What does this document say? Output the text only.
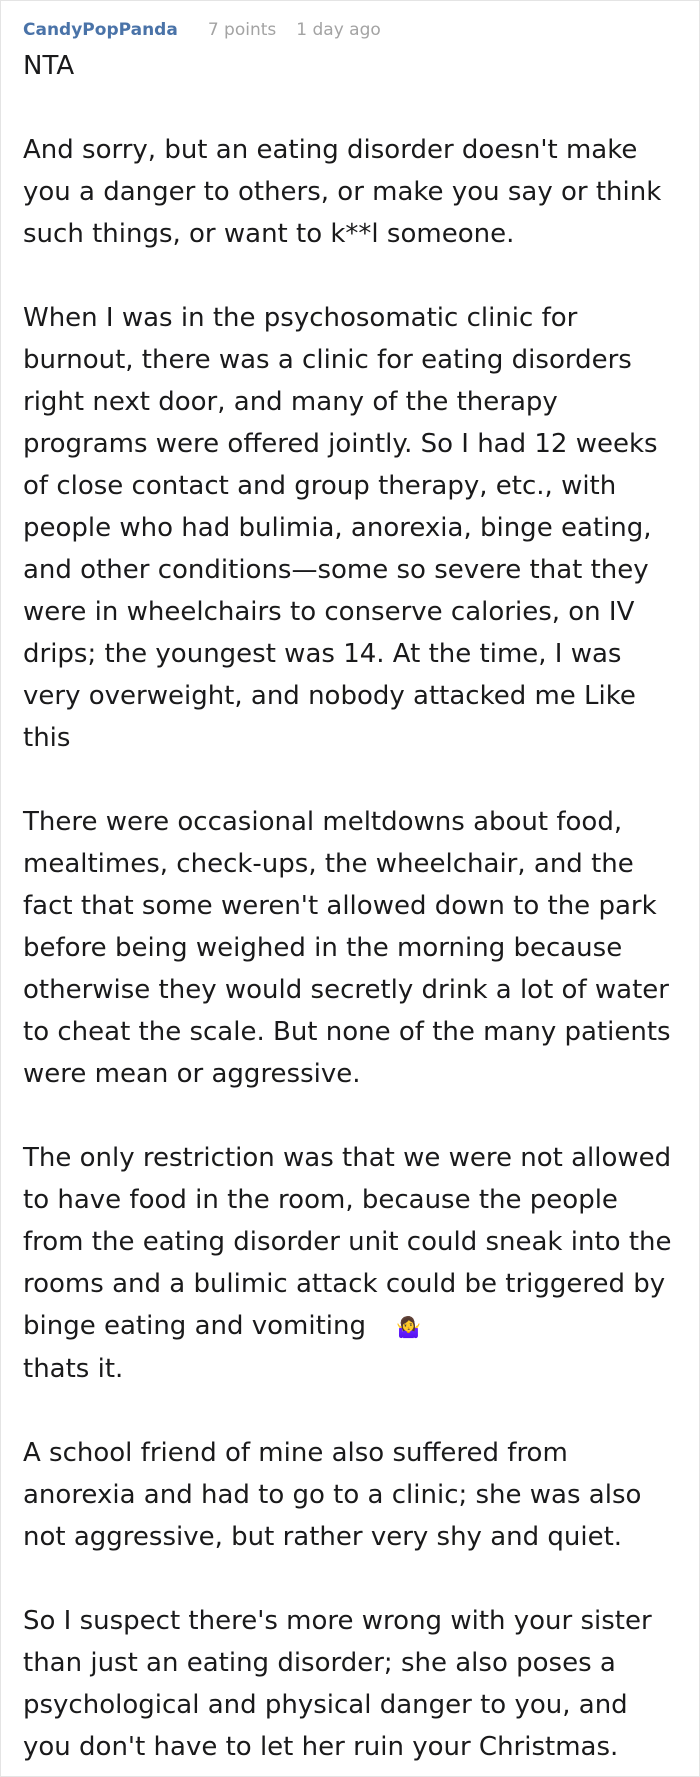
CandyPopPanda 7 points 1 day ago

NTA

And sorry, but an eating disorder doesn't make you a danger to others, or make you say or think such things, or want to k**l someone.

When I was in the psychosomatic clinic for burnout, there was a clinic for eating disorders right next door, and many of the therapy programs were offered jointly. So I had 12 weeks of close contact and group therapy, etc., with people who had bulimia, anorexia, binge eating, and other conditions—some so severe that they were in wheelchairs to conserve calories, on IV drips; the youngest was 14. At the time, I was very overweight, and nobody attacked me Like this

There were occasional meltdowns about food, mealtimes, check-ups, the wheelchair, and the fact that some weren't allowed down to the park before being weighed in the morning because otherwise they would secretly drink a lot of water to cheat the scale. But none of the many patients were mean or aggressive.

The only restriction was that we were not allowed to have food in the room, because the people from the eating disorder unit could sneak into the rooms and a bulimic attack could be triggered by binge eating and vomiting 🤷‍♀️
thats it.

A school friend of mine also suffered from anorexia and had to go to a clinic; she was also not aggressive, but rather very shy and quiet.

So I suspect there's more wrong with your sister than just an eating disorder; she also poses a psychological and physical danger to you, and you don't have to let her ruin your Christmas.
